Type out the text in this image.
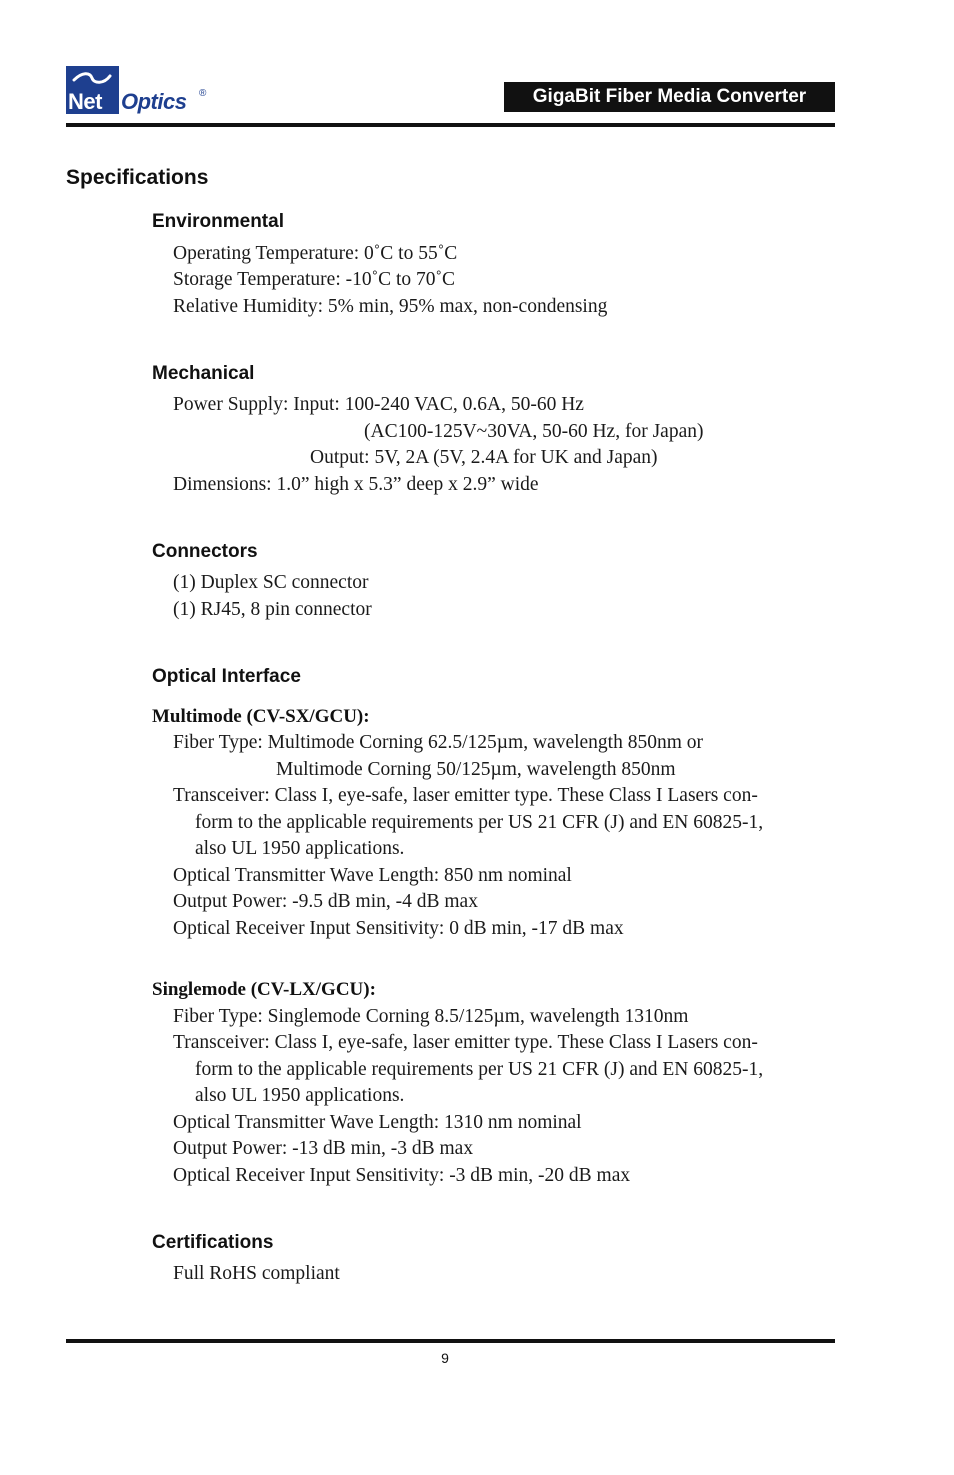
Net Optics ®	GigaBit Fiber Media Converter
Specifications
Environmental
Operating Temperature: 0˚C to 55˚C
Storage Temperature: -10˚C to 70˚C
Relative Humidity: 5% min, 95% max, non-condensing
Mechanical
Power Supply: Input: 100-240 VAC, 0.6A, 50-60 Hz
(AC100-125V~30VA, 50-60 Hz, for Japan)
Output: 5V, 2A (5V, 2.4A for UK and Japan)
Dimensions: 1.0” high x 5.3” deep x 2.9” wide
Connectors
(1) Duplex SC connector
(1) RJ45, 8 pin connector
Optical Interface
Multimode (CV-SX/GCU):
Fiber Type: Multimode Corning 62.5/125µm, wavelength 850nm or
Multimode Corning 50/125µm, wavelength 850nm
Transceiver: Class I, eye-safe, laser emitter type. These Class I Lasers con-
form to the applicable requirements per US 21 CFR (J) and EN 60825-1,
also UL 1950 applications.
Optical Transmitter Wave Length: 850 nm nominal
Output Power: -9.5 dB min, -4 dB max
Optical Receiver Input Sensitivity: 0 dB min, -17 dB max
Singlemode (CV-LX/GCU):
Fiber Type: Singlemode Corning 8.5/125µm, wavelength 1310nm
Transceiver: Class I, eye-safe, laser emitter type. These Class I Lasers con-
form to the applicable requirements per US 21 CFR (J) and EN 60825-1,
also UL 1950 applications.
Optical Transmitter Wave Length: 1310 nm nominal
Output Power: -13 dB min, -3 dB max
Optical Receiver Input Sensitivity: -3 dB min, -20 dB max
Certifications
Full RoHS compliant
9
